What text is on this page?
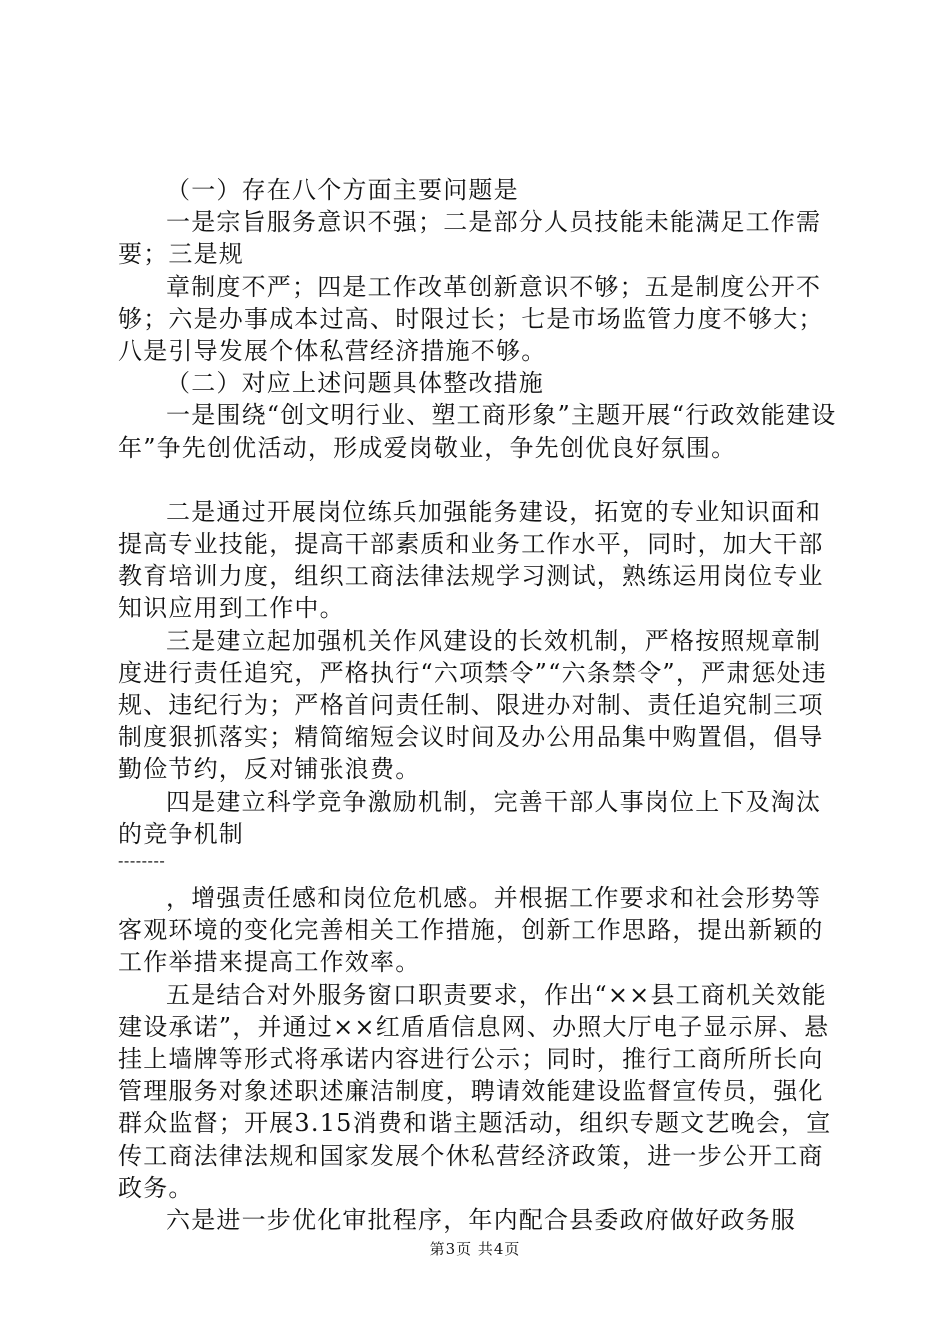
（一）存在八个方面主要问题是

一是宗旨服务意识不强；二是部分人员技能未能满足工作需要；三是规

章制度不严；四是工作改革创新意识不够；五是制度公开不够；六是办事成本过高、时限过长；七是市场监管力度不够大；八是引导发展个体私营经济措施不够。

（二）对应上述问题具体整改措施

一是围绕“创文明行业、塑工商形象”主题开展“行政效能建设年”争先创优活动，形成爱岗敬业，争先创优良好氛围。

二是通过开展岗位练兵加强能务建设，拓宽的专业知识面和提高专业技能，提高干部素质和业务工作水平，同时，加大干部教育培训力度，组织工商法律法规学习测试，熟练运用岗位专业知识应用到工作中。

三是建立起加强机关作风建设的长效机制，严格按照规章制度进行责任追究，严格执行“六项禁令”“六条禁令”，严肃惩处违规、违纪行为；严格首问责任制、限进办对制、责任追究制三项制度狠抓落实；精简缩短会议时间及办公用品集中购置倡，倡导勤俭节约，反对铺张浪费。

四是建立科学竞争激励机制，完善干部人事岗位上下及淘汰的竞争机制

--------

，增强责任感和岗位危机感。并根据工作要求和社会形势等客观环境的变化完善相关工作措施，创新工作思路，提出新颖的工作举措来提高工作效率。

五是结合对外服务窗口职责要求，作出“××县工商机关效能建设承诺”，并通过××红盾盾信息网、办照大厅电子显示屏、悬挂上墙牌等形式将承诺内容进行公示；同时，推行工商所所长向管理服务对象述职述廉洁制度，聘请效能建设监督宣传员，强化群众监督；开展3.15消费和谐主题活动，组织专题文艺晚会，宣传工商法律法规和国家发展个休私营经济政策，进一步公开工商政务。

六是进一步优化审批程序，年内配合县委政府做好政务服

第3页 共4页
